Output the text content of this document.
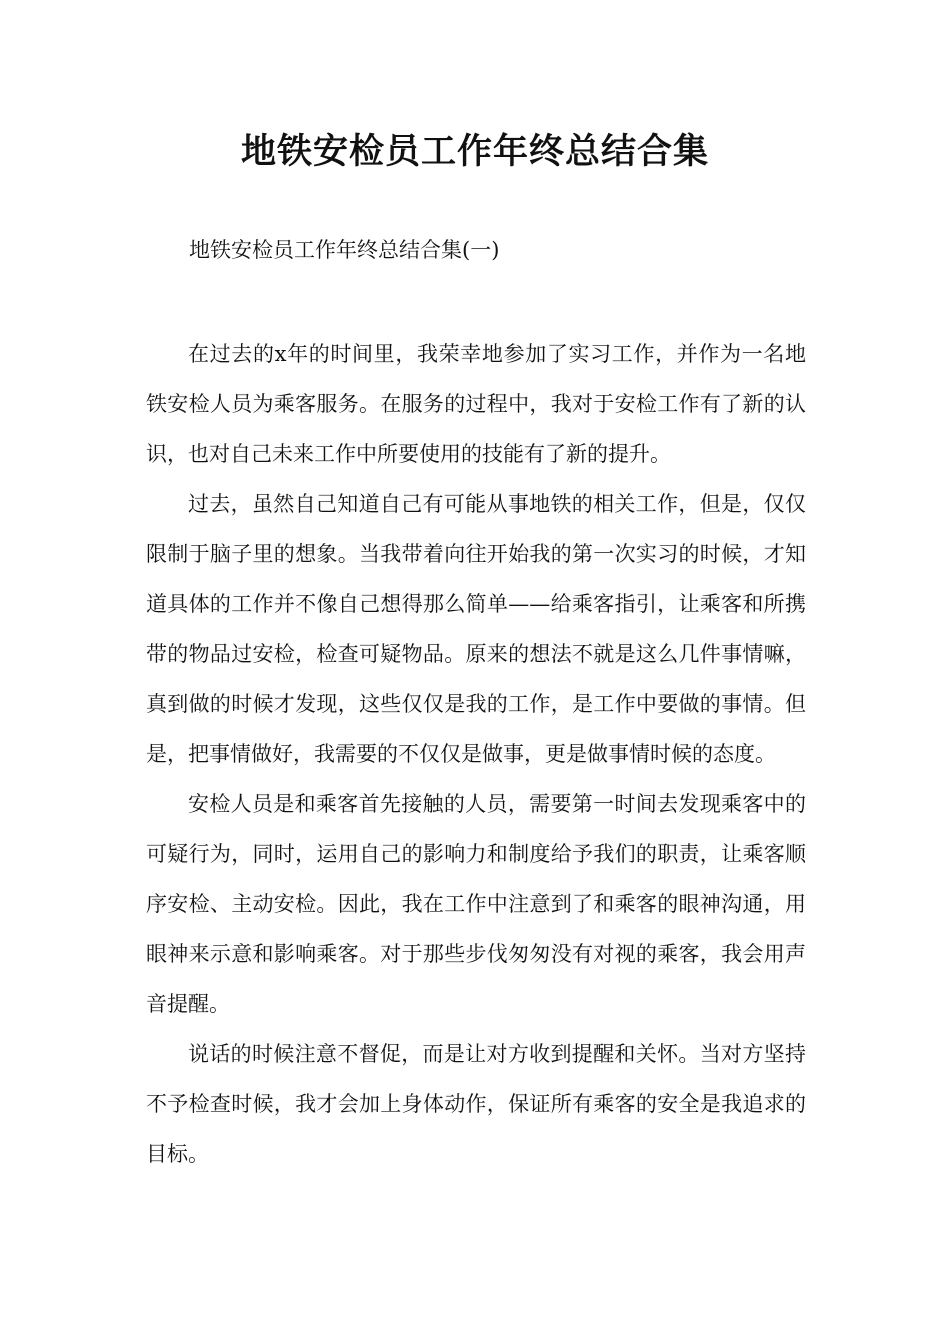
地铁安检员工作年终总结合集
地铁安检员工作年终总结合集(一)

在过去的x年的时间里，我荣幸地参加了实习工作，并作为一名地铁安检人员为乘客服务。在服务的过程中，我对于安检工作有了新的认识，也对自己未来工作中所要使用的技能有了新的提升。

过去，虽然自己知道自己有可能从事地铁的相关工作，但是，仅仅限制于脑子里的想象。当我带着向往开始我的第一次实习的时候，才知道具体的工作并不像自己想得那么简单——给乘客指引，让乘客和所携带的物品过安检，检查可疑物品。原来的想法不就是这么几件事情嘛，真到做的时候才发现，这些仅仅是我的工作，是工作中要做的事情。但是，把事情做好，我需要的不仅仅是做事，更是做事情时候的态度。

安检人员是和乘客首先接触的人员，需要第一时间去发现乘客中的可疑行为，同时，运用自己的影响力和制度给予我们的职责，让乘客顺序安检、主动安检。因此，我在工作中注意到了和乘客的眼神沟通，用眼神来示意和影响乘客。对于那些步伐匆匆没有对视的乘客，我会用声音提醒。

说话的时候注意不督促，而是让对方收到提醒和关怀。当对方坚持不予检查时候，我才会加上身体动作，保证所有乘客的安全是我追求的目标。
